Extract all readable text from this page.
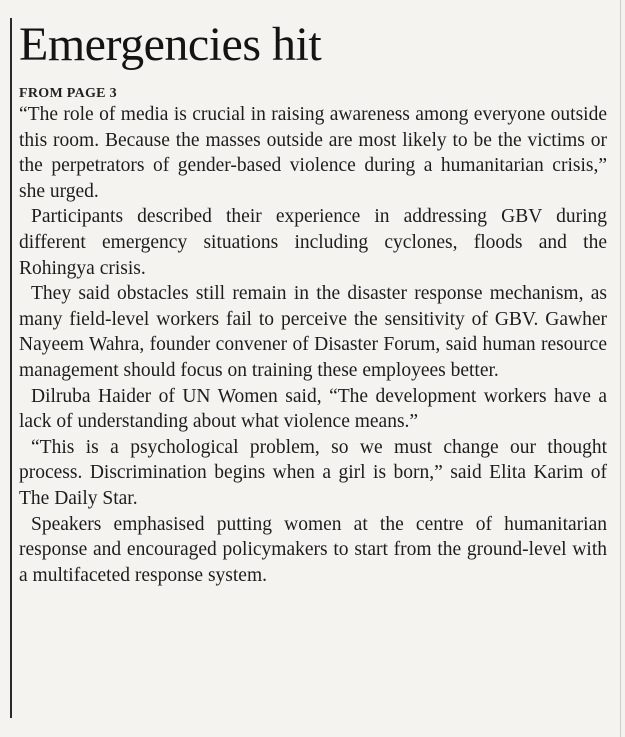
Emergencies hit
FROM PAGE 3

“The role of media is crucial in raising awareness among everyone outside this room. Because the masses outside are most likely to be the victims or the perpetrators of gender-based violence during a humanitarian crisis,” she urged.

Participants described their experience in addressing GBV during different emergency situations including cyclones, floods and the Rohingya crisis.

They said obstacles still remain in the disaster response mechanism, as many field-level workers fail to perceive the sensitivity of GBV. Gawher Nayeem Wahra, founder convener of Disaster Forum, said human resource management should focus on training these employees better.

Dilruba Haider of UN Women said, “The development workers have a lack of understanding about what violence means.”

“This is a psychological problem, so we must change our thought process. Discrimination begins when a girl is born,” said Elita Karim of The Daily Star.

Speakers emphasised putting women at the centre of humanitarian response and encouraged policymakers to start from the ground-level with a multifaceted response system.
